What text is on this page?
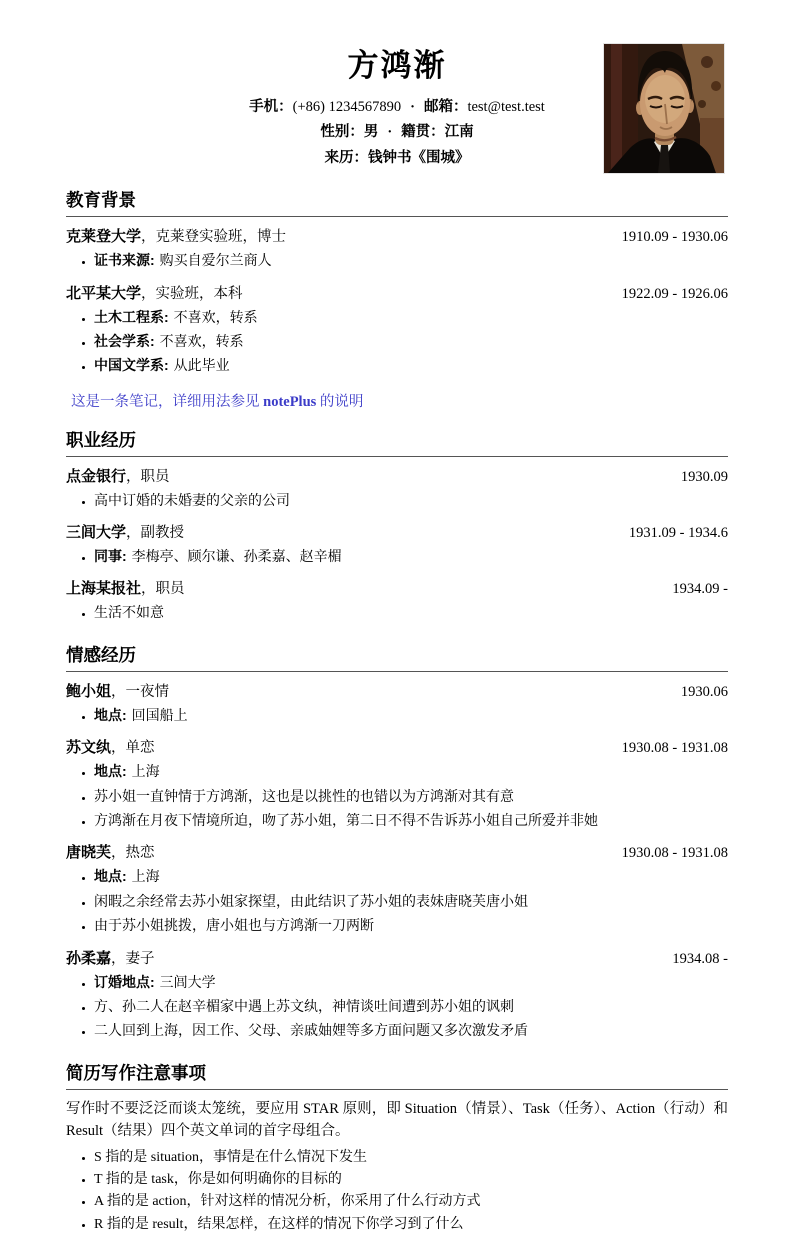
方鸿渐
手机：(+86) 1234567890 · 邮箱：test@test.test
性别：男 · 籍贯：江南
来历：钱钟书《围城》
教育背景
克莱登大学，克莱登实验班，博士	1910.09 - 1930.06
• 证书来源: 购买自爱尔兰商人
北平某大学，实验班，本科	1922.09 - 1926.06
• 土木工程系: 不喜欢，转系
• 社会学系: 不喜欢，转系
• 中国文学系: 从此毕业
这是一条笔记，详细用法参见 notePlus 的说明
职业经历
点金银行，职员	1930.09
• 高中订婚的未婚妻的父亲的公司
三闾大学，副教授	1931.09 - 1934.6
• 同事: 李梅亭、顾尔谦、孙柔嘉、赵辛楣
上海某报社，职员	1934.09 -
• 生活不如意
情感经历
鲍小姐，一夜情	1930.06
• 地点: 回国船上
苏文纨，单恋	1930.08 - 1931.08
• 地点: 上海
• 苏小姐一直钟情于方鸿渐，这也是以挑性的也错以为方鸿渐对其有意
• 方鸿渐在月夜下情境所迫，吻了苏小姐，第二日不得不告诉苏小姐自己所爱并非她
唐晓芙，热恋	1930.08 - 1931.08
• 地点: 上海
• 闲暇之余经常去苏小姐家探望，由此结识了苏小姐的表妹唐晓芙唐小姐
• 由于苏小姐挑拨，唐小姐也与方鸿渐一刀两断
孙柔嘉，妻子	1934.08 -
• 订婚地点: 三闾大学
• 方、孙二人在赵辛楣家中遇上苏文纨，神情谈吐间遭到苏小姐的讽刺
• 二人回到上海，因工作、父母、亲戚妯娌等多方面问题又多次激发矛盾
简历写作注意事项

写作时不要泛泛而谈太笼统，要应用 STAR 原则，即 Situation（情景）、Task（任务）、Action（行动）和 Result（结果）四个英文单词的首字母组合。

• S 指的是 situation，事情是在什么情况下发生
• T 指的是 task，你是如何明确你的目标的
• A 指的是 action，针对这样的情况分析，你采用了什么行动方式
• R 指的是 result，结果怎样，在这样的情况下你学习到了什么
